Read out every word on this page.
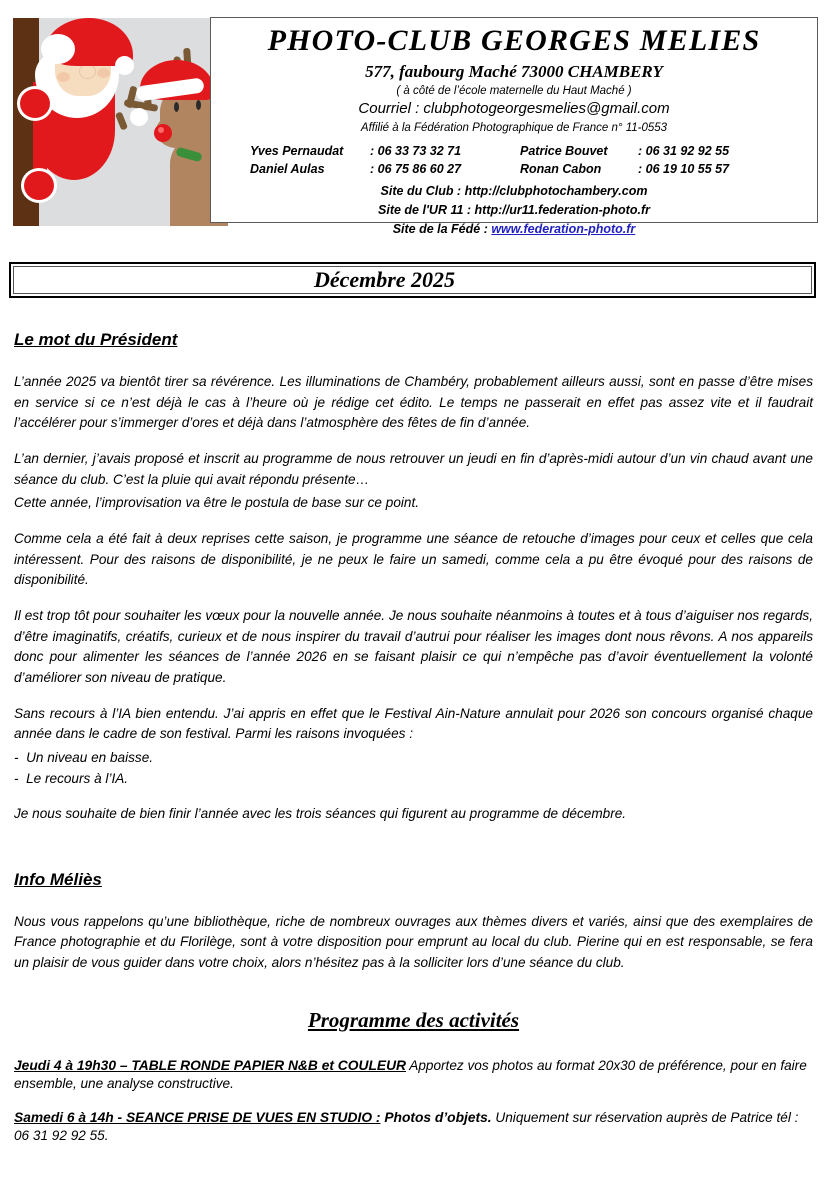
PHOTO-CLUB GEORGES MELIES
577, faubourg Maché 73000 CHAMBERY
( à côté de l’école maternelle du Haut Maché )
Courriel : clubphotogeorgesmelies@gmail.com
Affilié à la Fédération Photographique de France n° 11-0553
Yves Pernaudat	: 06 33 73 32 71	Patrice Bouvet	: 06 31 92 92 55
Daniel Aulas	: 06 75 86 60 27	Ronan Cabon	: 06 19 10 55 57
Site du Club : http://clubphotochambery.com
Site de l'UR 11 : http://ur11.federation-photo.fr
Site de la Fédé : www.federation-photo.fr
Décembre 2025
Le mot du Président

L’année 2025 va bientôt tirer sa révérence. Les illuminations de Chambéry, probablement ailleurs aussi, sont en passe d’être mises en service si ce n’est déjà le cas à l’heure où je rédige cet édito. Le temps ne passerait en effet pas assez vite et il faudrait l’accélérer pour s’immerger d’ores et déjà dans l’atmosphère des fêtes de fin d’année.

L’an dernier, j’avais proposé et inscrit au programme de nous retrouver un jeudi en fin d’après-midi autour d’un vin chaud avant une séance du club. C’est la pluie qui avait répondu présente…

Cette année, l’improvisation va être le postula de base sur ce point.

Comme cela a été fait à deux reprises cette saison, je programme une séance de retouche d’images pour ceux et celles que cela intéressent. Pour des raisons de disponibilité, je ne peux le faire un samedi, comme cela a pu être évoqué pour des raisons de disponibilité.

Il est trop tôt pour souhaiter les vœux pour la nouvelle année. Je nous souhaite néanmoins à toutes et à tous d’aiguiser nos regards, d’être imaginatifs, créatifs, curieux et de nous inspirer du travail d’autrui pour réaliser les images dont nous rêvons. A nos appareils donc pour alimenter les séances de l’année 2026 en se faisant plaisir ce qui n’empêche pas d’avoir éventuellement la volonté d’améliorer son niveau de pratique.

Sans recours à l’IA bien entendu. J’ai appris en effet que le Festival Ain-Nature annulait pour 2026 son concours organisé chaque année dans le cadre de son festival. Parmi les raisons invoquées :

-  Un niveau en baisse.
-  Le recours à l’IA.

Je nous souhaite de bien finir l’année avec les trois séances qui figurent au programme de décembre.

Info Méliès

Nous vous rappelons qu’une bibliothèque, riche de nombreux ouvrages aux thèmes divers et variés, ainsi que des exemplaires de France photographie et du Florilège, sont à votre disposition pour emprunt au local du club. Pierine qui en est responsable, se fera un plaisir de vous guider dans votre choix, alors n’hésitez pas à la solliciter lors d’une séance du club.

Programme des activités

Jeudi 4 à 19h30 – TABLE RONDE PAPIER N&B et COULEUR Apportez vos photos au format 20x30 de préférence, pour en faire ensemble, une analyse constructive.

Samedi 6 à 14h - SEANCE PRISE DE VUES EN STUDIO : Photos d’objets. Uniquement sur réservation auprès de Patrice tél : 06 31 92 92 55.
